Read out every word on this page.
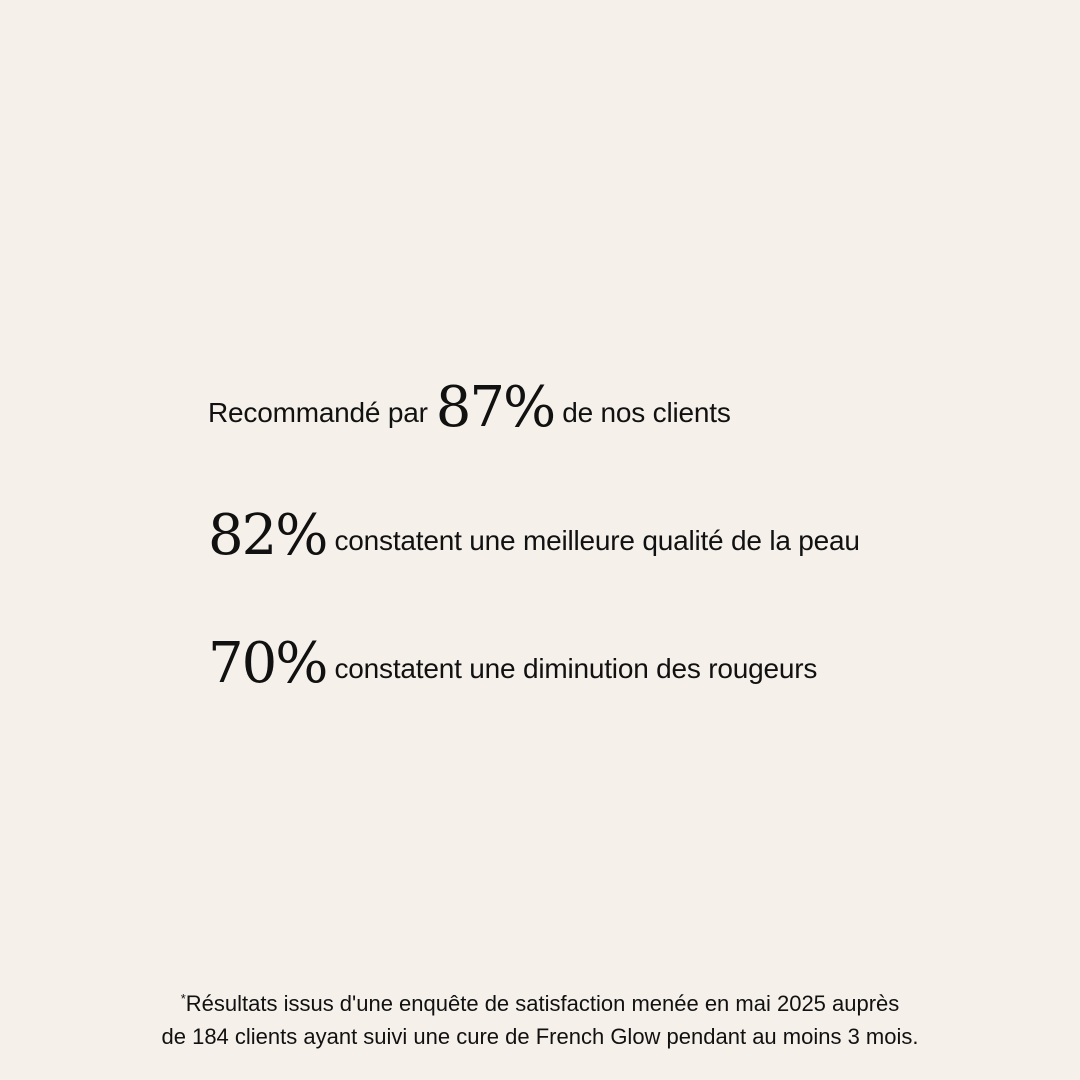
Recommandé par 87% de nos clients
82% constatent une meilleure qualité de la peau
70% constatent une diminution des rougeurs
*Résultats issus d'une enquête de satisfaction menée en mai 2025 auprès
de 184 clients ayant suivi une cure de French Glow pendant au moins 3 mois.
